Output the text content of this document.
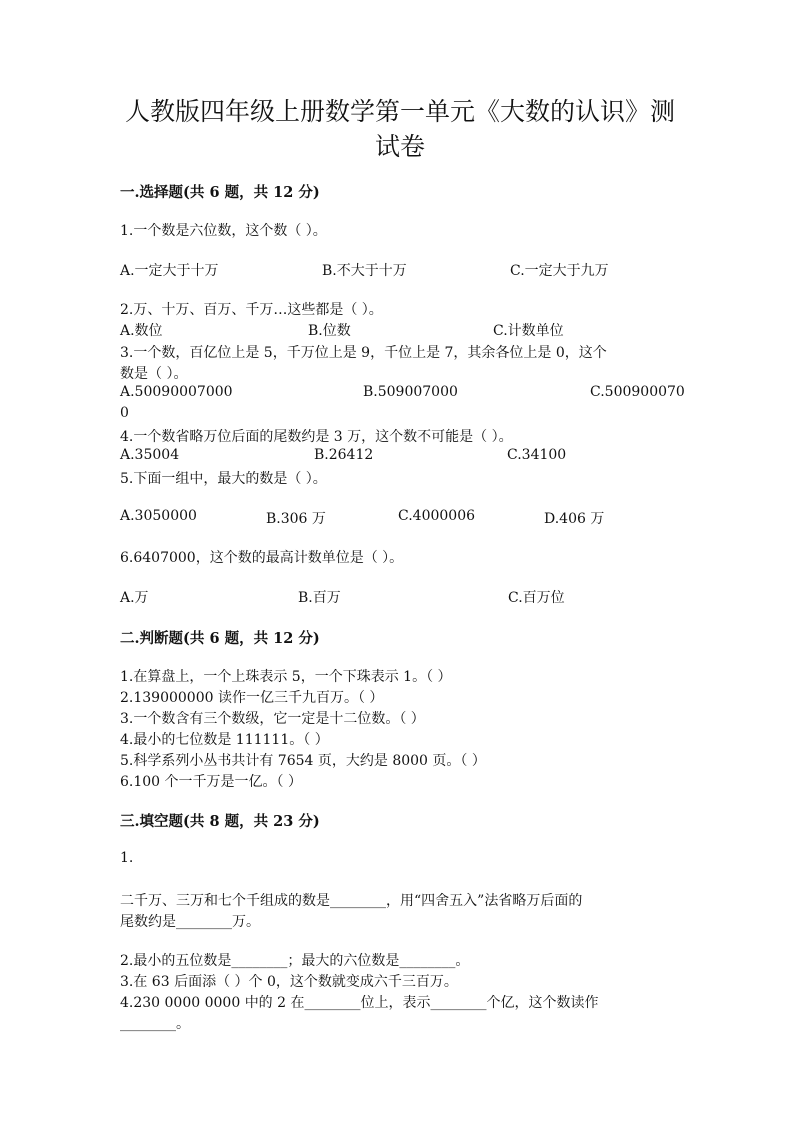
人教版四年级上册数学第一单元《大数的认识》测
试卷
一.选择题(共 6 题，共 12 分)
1.一个数是六位数，这个数（ ）。
A.一定大于十万	B.不大于十万	C.一定大于九万
2.万、十万、百万、千万…这些都是（ ）。
A.数位	B.位数	C.计数单位
3.一个数，百亿位上是 5，千万位上是 9，千位上是 7，其余各位上是 0，这个
数是（ ）。
A.50090007000	B.509007000	C.500900070
0
4.一个数省略万位后面的尾数约是 3 万，这个数不可能是（ ）。
A.35004	B.26412	C.34100
5.下面一组中，最大的数是（ ）。
A.3050000	B.306 万	C.4000006	D.406 万
6.6407000，这个数的最高计数单位是（ ）。
A.万	B.百万	C.百万位
二.判断题(共 6 题，共 12 分)
1.在算盘上，一个上珠表示 5，一个下珠表示 1。（ ）
2.139000000 读作一亿三千九百万。（ ）
3.一个数含有三个数级，它一定是十二位数。（ ）
4.最小的七位数是 111111。（ ）
5.科学系列小丛书共计有 7654 页，大约是 8000 页。（ ）
6.100 个一千万是一亿。（ ）
三.填空题(共 8 题，共 23 分)
1.
二千万、三万和七个千组成的数是________，用“四舍五入”法省略万后面的
尾数约是________万。
2.最小的五位数是________；最大的六位数是________。
3.在 63 后面添（ ）个 0，这个数就变成六千三百万。
4.230 0000 0000 中的 2 在________位上，表示________个亿，这个数读作
________。
